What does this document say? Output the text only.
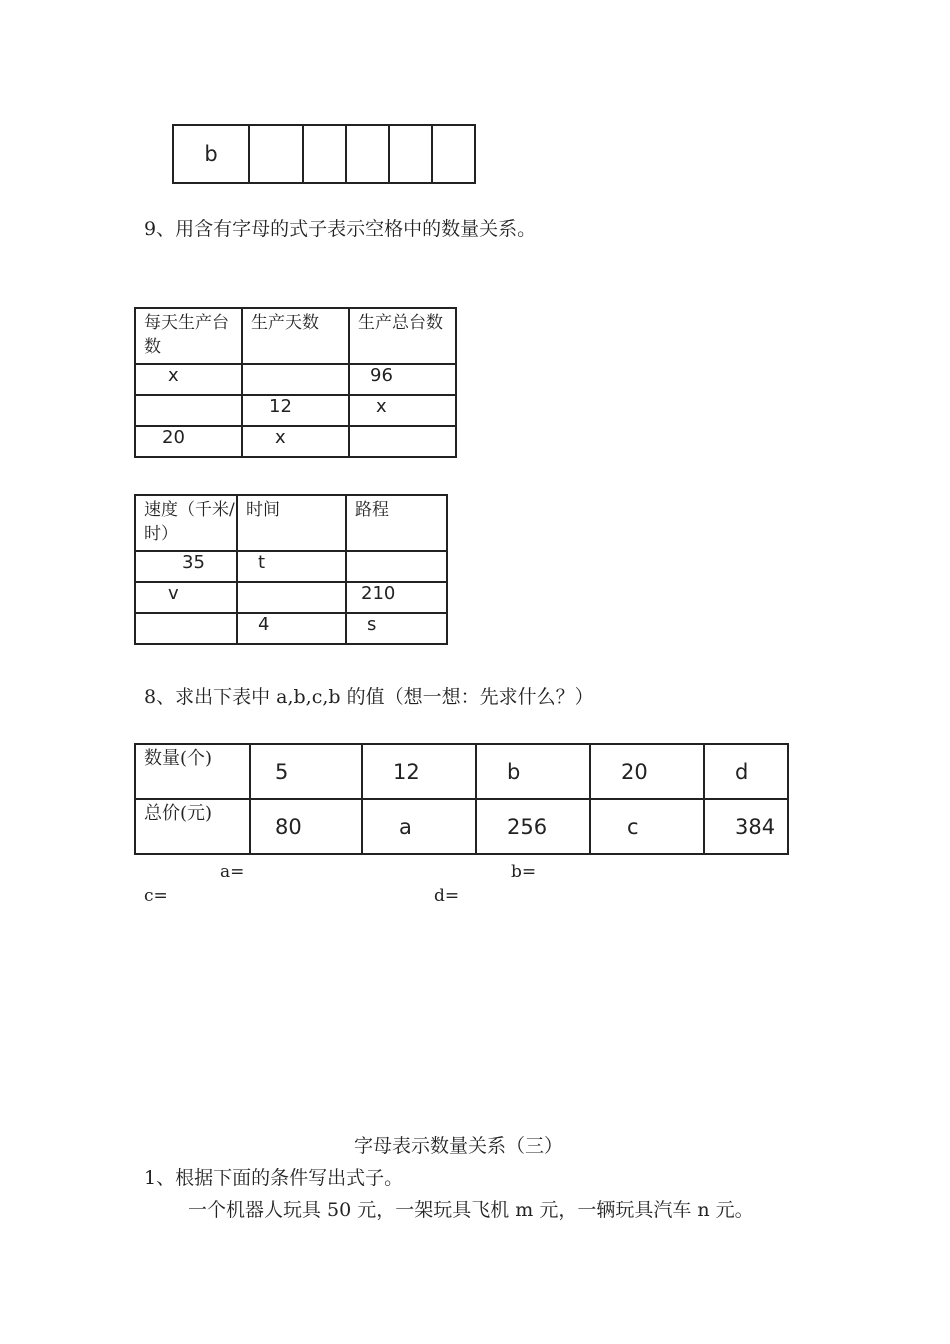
b					
9、用含有字母的式子表示空格中的数量关系。
每天生产台数	生产天数	生产总台数
x		96
	12	x
20	x	
速度（千米/时）	时间	路程
35	t	
v		210
	4	s
8、求出下表中 a,b,c,b 的值（想一想：先求什么？）
数量(个)	5	12	b	20	d
总价(元)	80	a	256	c	384
a=	b=
c=	d=
字母表示数量关系（三）
1、根据下面的条件写出式子。
一个机器人玩具 50 元，一架玩具飞机 m 元，一辆玩具汽车 n 元。
